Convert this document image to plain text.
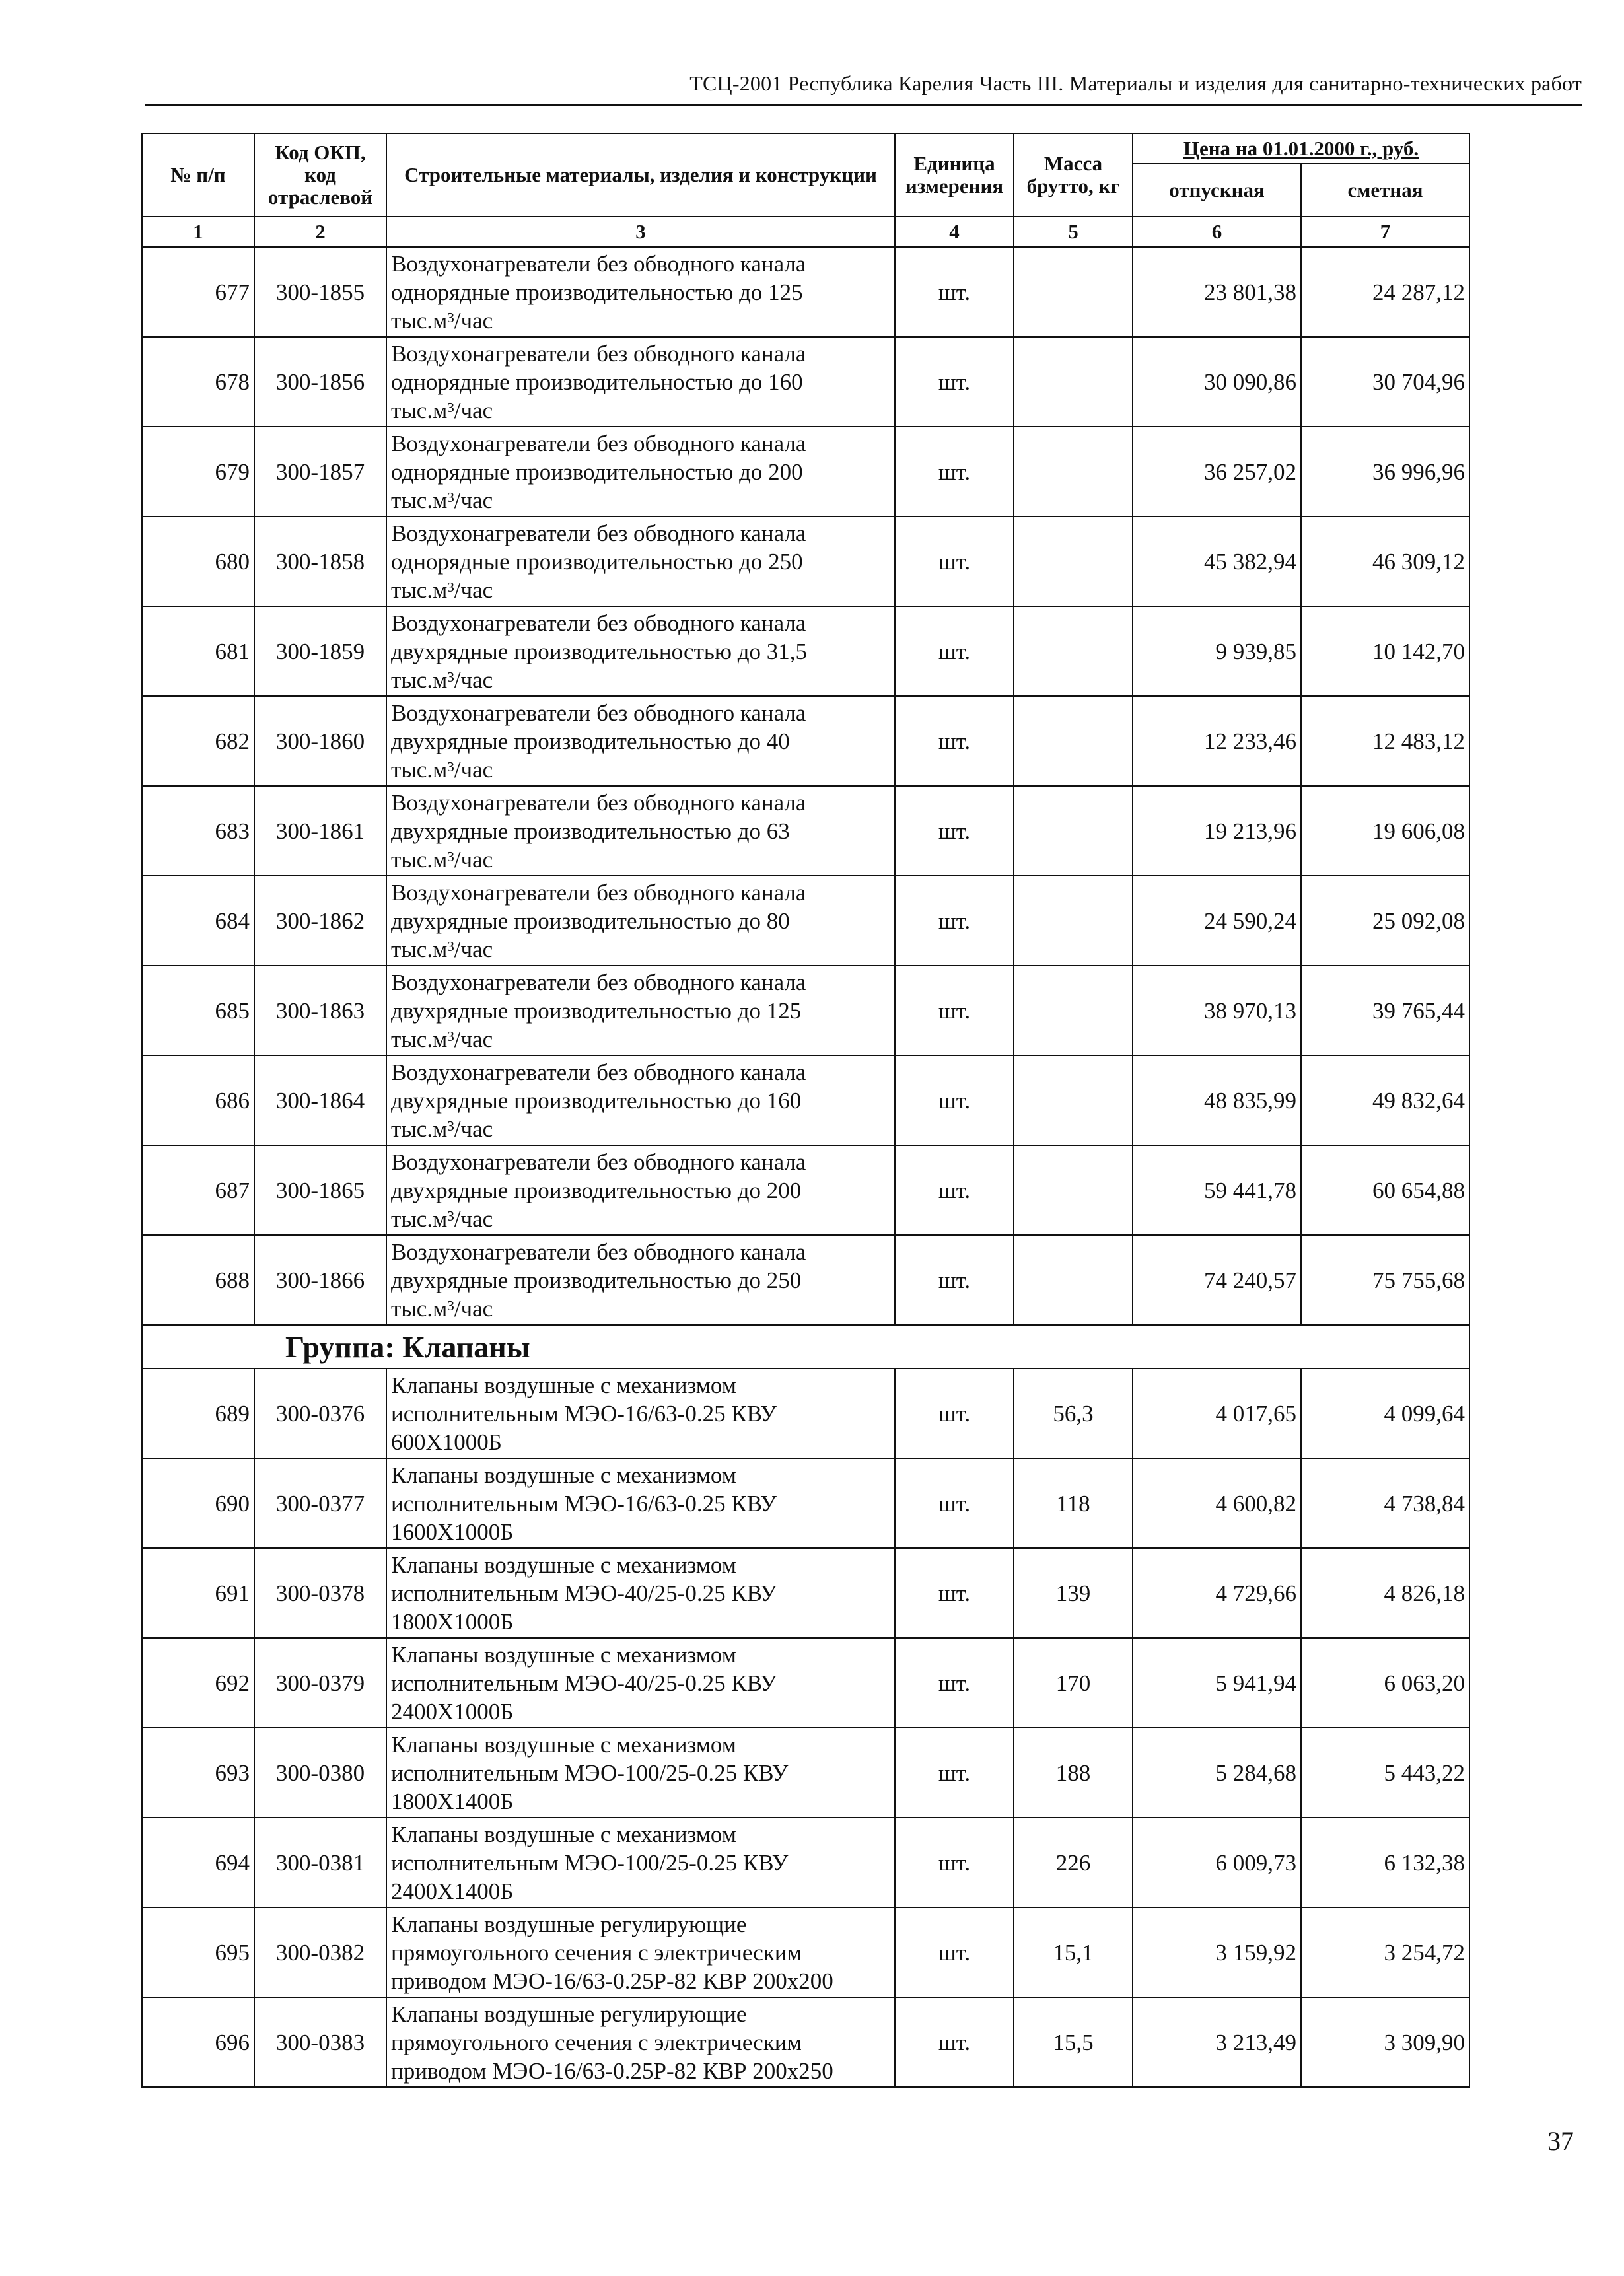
ТСЦ-2001 Республика Карелия Часть III. Материалы и изделия для санитарно-технических работ
№ п/п	Код ОКП, код отраслевой	Строительные материалы, изделия и конструкции	Единица измерения	Масса брутто, кг	Цена на 01.01.2000 г., руб.	
					отпускная	сметная
1	2	3	4	5	6	7
677	300-1855	Воздухонагреватели без обводного канала
однорядные производительностью до 125
тыс.м³/час	шт.		23 801,38	24 287,12
678	300-1856	Воздухонагреватели без обводного канала
однорядные производительностью до 160
тыс.м³/час	шт.		30 090,86	30 704,96
679	300-1857	Воздухонагреватели без обводного канала
однорядные производительностью до 200
тыс.м³/час	шт.		36 257,02	36 996,96
680	300-1858	Воздухонагреватели без обводного канала
однорядные производительностью до 250
тыс.м³/час	шт.		45 382,94	46 309,12
681	300-1859	Воздухонагреватели без обводного канала
двухрядные производительностью до 31,5
тыс.м³/час	шт.		9 939,85	10 142,70
682	300-1860	Воздухонагреватели без обводного канала
двухрядные производительностью до 40
тыс.м³/час	шт.		12 233,46	12 483,12
683	300-1861	Воздухонагреватели без обводного канала
двухрядные производительностью до 63
тыс.м³/час	шт.		19 213,96	19 606,08
684	300-1862	Воздухонагреватели без обводного канала
двухрядные производительностью до 80
тыс.м³/час	шт.		24 590,24	25 092,08
685	300-1863	Воздухонагреватели без обводного канала
двухрядные производительностью до 125
тыс.м³/час	шт.		38 970,13	39 765,44
686	300-1864	Воздухонагреватели без обводного канала
двухрядные производительностью до 160
тыс.м³/час	шт.		48 835,99	49 832,64
687	300-1865	Воздухонагреватели без обводного канала
двухрядные производительностью до 200
тыс.м³/час	шт.		59 441,78	60 654,88
688	300-1866	Воздухонагреватели без обводного канала
двухрядные производительностью до 250
тыс.м³/час	шт.		74 240,57	75 755,68
Группа: Клапаны						
689	300-0376	Клапаны воздушные с механизмом
исполнительным МЭО-16/63-0.25 КВУ
600Х1000Б	шт.	56,3	4 017,65	4 099,64
690	300-0377	Клапаны воздушные с механизмом
исполнительным МЭО-16/63-0.25 КВУ
1600Х1000Б	шт.	118	4 600,82	4 738,84
691	300-0378	Клапаны воздушные с механизмом
исполнительным МЭО-40/25-0.25 КВУ
1800Х1000Б	шт.	139	4 729,66	4 826,18
692	300-0379	Клапаны воздушные с механизмом
исполнительным МЭО-40/25-0.25 КВУ
2400Х1000Б	шт.	170	5 941,94	6 063,20
693	300-0380	Клапаны воздушные с механизмом
исполнительным МЭО-100/25-0.25 КВУ
1800Х1400Б	шт.	188	5 284,68	5 443,22
694	300-0381	Клапаны воздушные с механизмом
исполнительным МЭО-100/25-0.25 КВУ
2400Х1400Б	шт.	226	6 009,73	6 132,38
695	300-0382	Клапаны воздушные регулирующие
прямоугольного сечения с электрическим
приводом МЭО-16/63-0.25Р-82 КВР 200х200	шт.	15,1	3 159,92	3 254,72
696	300-0383	Клапаны воздушные регулирующие
прямоугольного сечения с электрическим
приводом МЭО-16/63-0.25Р-82 КВР 200х250	шт.	15,5	3 213,49	3 309,90
37
